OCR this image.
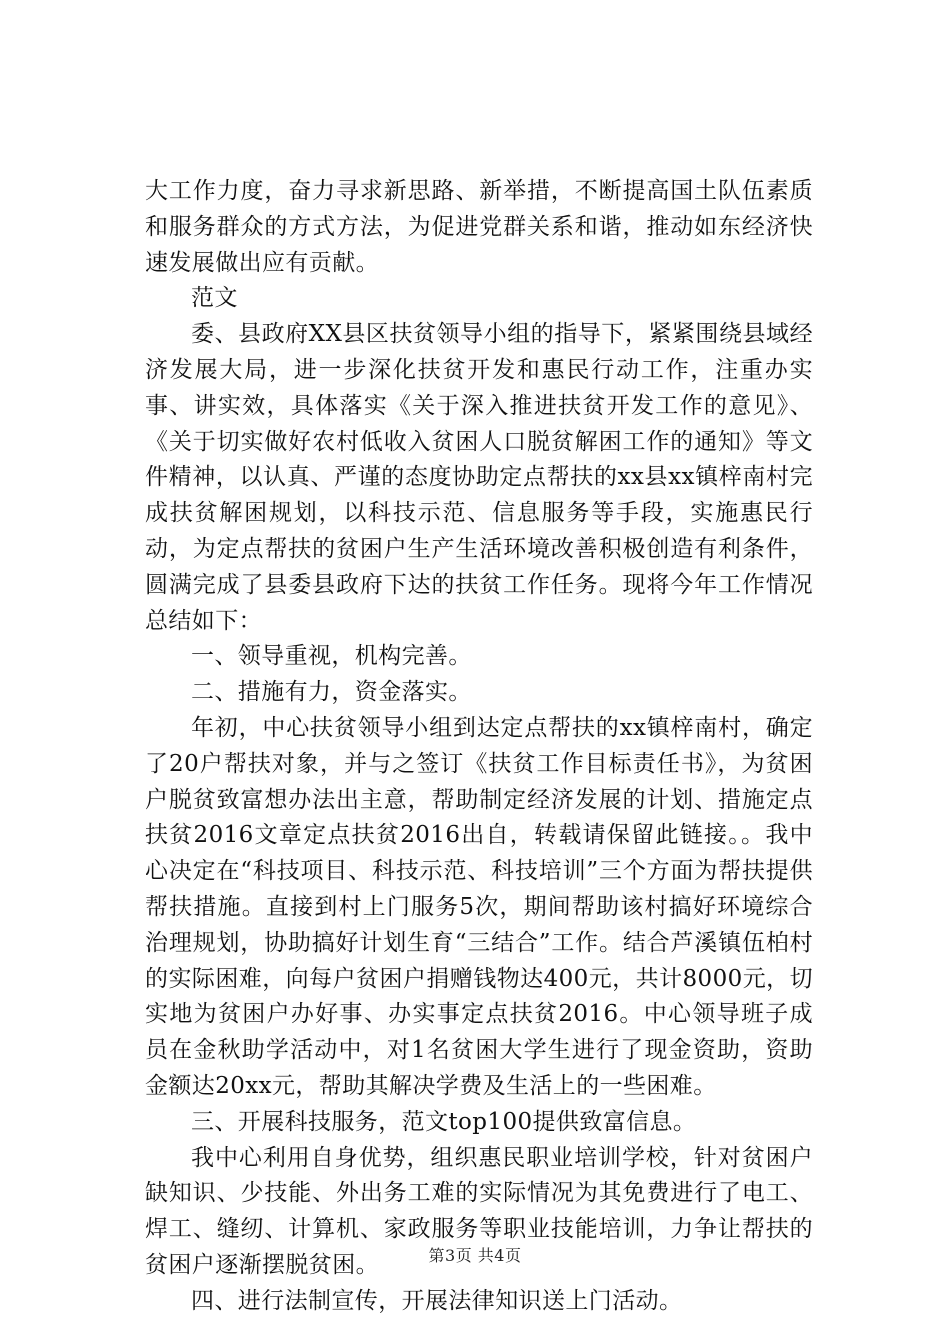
大工作力度，奋力寻求新思路、新举措，不断提高国土队伍素质和服务群众的方式方法，为促进党群关系和谐，推动如东经济快速发展做出应有贡献。

范文

委、县政府XX县区扶贫领导小组的指导下，紧紧围绕县域经济发展大局，进一步深化扶贫开发和惠民行动工作，注重办实事、讲实效，具体落实《关于深入推进扶贫开发工作的意见》、《关于切实做好农村低收入贫困人口脱贫解困工作的通知》等文件精神，以认真、严谨的态度协助定点帮扶的xx县xx镇梓南村完成扶贫解困规划，以科技示范、信息服务等手段，实施惠民行动，为定点帮扶的贫困户生产生活环境改善积极创造有利条件，圆满完成了县委县政府下达的扶贫工作任务。现将今年工作情况总结如下：

一、领导重视，机构完善。

二、措施有力，资金落实。

年初，中心扶贫领导小组到达定点帮扶的xx镇梓南村，确定了20户帮扶对象，并与之签订《扶贫工作目标责任书》，为贫困户脱贫致富想办法出主意，帮助制定经济发展的计划、措施定点扶贫2016文章定点扶贫2016出自，转载请保留此链接。。我中心决定在“科技项目、科技示范、科技培训”三个方面为帮扶提供帮扶措施。直接到村上门服务5次，期间帮助该村搞好环境综合治理规划，协助搞好计划生育“三结合”工作。结合芦溪镇伍柏村的实际困难，向每户贫困户捐赠钱物达400元，共计8000元，切实地为贫困户办好事、办实事定点扶贫2016。中心领导班子成员在金秋助学活动中，对1名贫困大学生进行了现金资助，资助金额达20xx元，帮助其解决学费及生活上的一些困难。

三、开展科技服务，范文top100提供致富信息。

我中心利用自身优势，组织惠民职业培训学校，针对贫困户缺知识、少技能、外出务工难的实际情况为其免费进行了电工、焊工、缝纫、计算机、家政服务等职业技能培训，力争让帮扶的贫困户逐渐摆脱贫困。

四、进行法制宣传，开展法律知识送上门活动。

第3页 共4页
